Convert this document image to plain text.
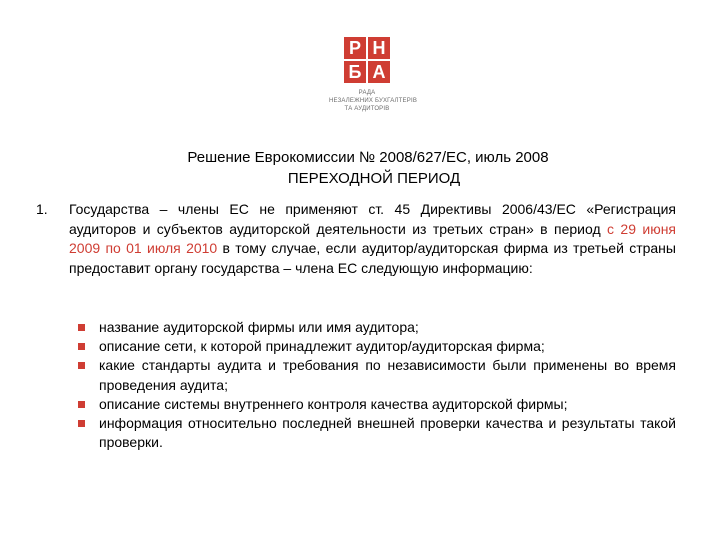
Р Н
Б А
РАДА
НЕЗАЛЕЖНИХ БУХГАЛТЕРІВ
ТА АУДИТОРІВ
Решение Еврокомиссии № 2008/627/ЕС, июль 2008
ПЕРЕХОДНОЙ ПЕРИОД
1. Государства – члены ЕС не применяют ст. 45 Директивы 2006/43/ЕС «Регистрация аудиторов и субъектов аудиторской деятельности из третьих стран» в период с 29 июня 2009 по 01 июля 2010 в тому случае, если аудитор/аудиторская фирма из третьей страны предоставит органу государства – члена ЕС следующую информацию:
название аудиторской фирмы или имя аудитора;
описание сети, к которой принадлежит аудитор/аудиторская фирма;
какие стандарты аудита и требования по независимости были применены во время проведения аудита;
описание системы внутреннего контроля качества аудиторской фирмы;
информация относительно последней внешней проверки качества и результаты такой проверки.
